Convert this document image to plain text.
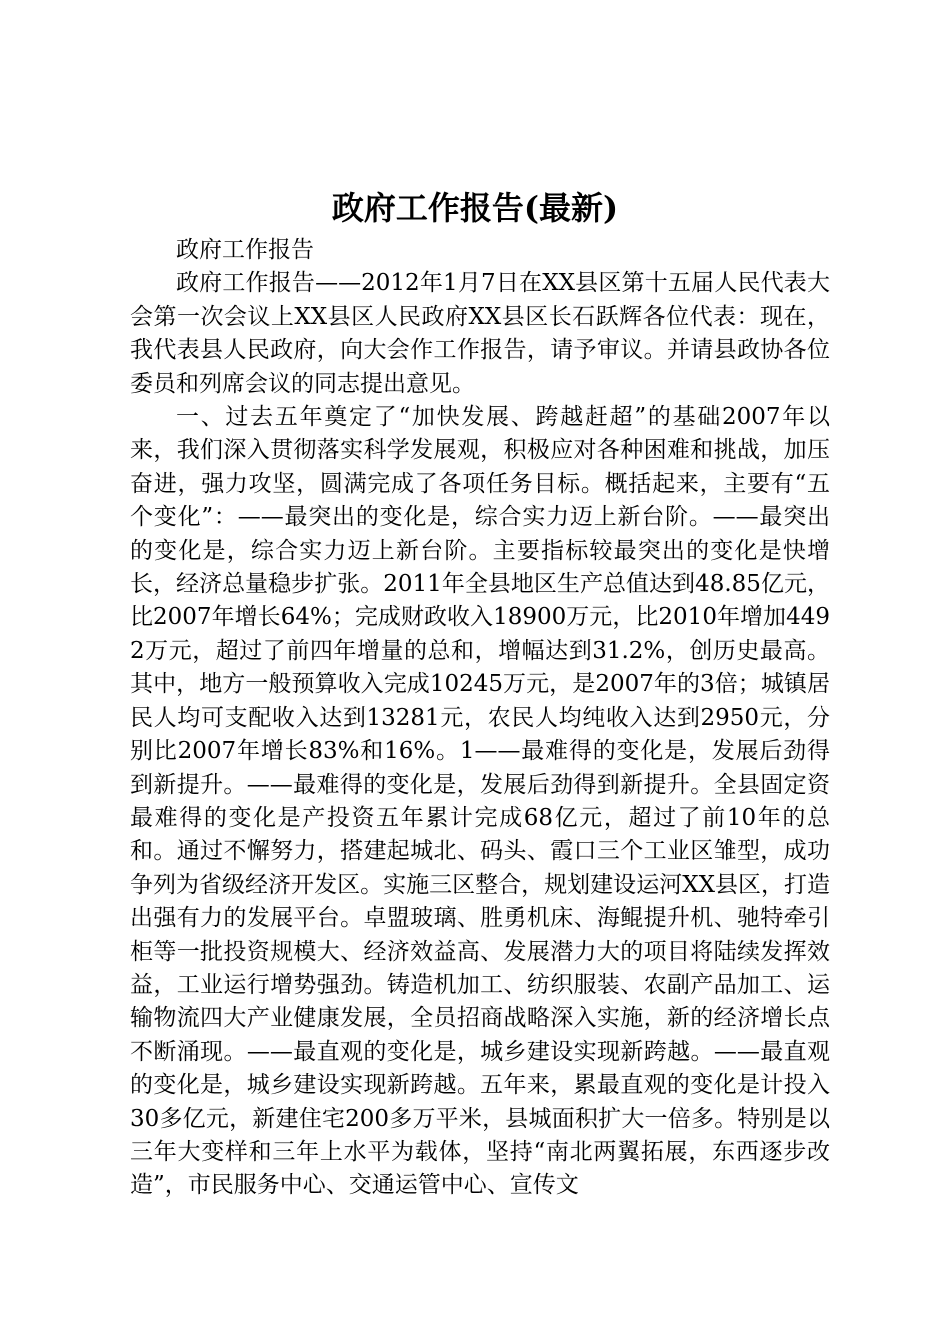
政府工作报告(最新)

政府工作报告

政府工作报告——2012年1月7日在XX县区第十五届人民代表大会第一次会议上XX县区人民政府XX县区长石跃辉各位代表：现在，我代表县人民政府，向大会作工作报告，请予审议。并请县政协各位委员和列席会议的同志提出意见。

一、过去五年奠定了“加快发展、跨越赶超”的基础2007年以来，我们深入贯彻落实科学发展观，积极应对各种困难和挑战，加压奋进，强力攻坚，圆满完成了各项任务目标。概括起来，主要有“五个变化”：——最突出的变化是，综合实力迈上新台阶。——最突出的变化是，综合实力迈上新台阶。主要指标较最突出的变化是快增长，经济总量稳步扩张。2011年全县地区生产总值达到48.85亿元，比2007年增长64%；完成财政收入18900万元，比2010年增加4492万元，超过了前四年增量的总和，增幅达到31.2%，创历史最高。其中，地方一般预算收入完成10245万元，是2007年的3倍；城镇居民人均可支配收入达到13281元，农民人均纯收入达到2950元，分别比2007年增长83%和16%。1——最难得的变化是，发展后劲得到新提升。——最难得的变化是，发展后劲得到新提升。全县固定资最难得的变化是产投资五年累计完成68亿元，超过了前10年的总和。通过不懈努力，搭建起城北、码头、霞口三个工业区雏型，成功争列为省级经济开发区。实施三区整合，规划建设运河XX县区，打造出强有力的发展平台。卓盟玻璃、胜勇机床、海鲲提升机、驰特牵引柜等一批投资规模大、经济效益高、发展潜力大的项目将陆续发挥效益，工业运行增势强劲。铸造机加工、纺织服装、农副产品加工、运输物流四大产业健康发展，全员招商战略深入实施，新的经济增长点不断涌现。——最直观的变化是，城乡建设实现新跨越。——最直观的变化是，城乡建设实现新跨越。五年来，累最直观的变化是计投入30多亿元，新建住宅200多万平米，县城面积扩大一倍多。特别是以三年大变样和三年上水平为载体，坚持“南北两翼拓展，东西逐步改造”，市民服务中心、交通运管中心、宣传文
